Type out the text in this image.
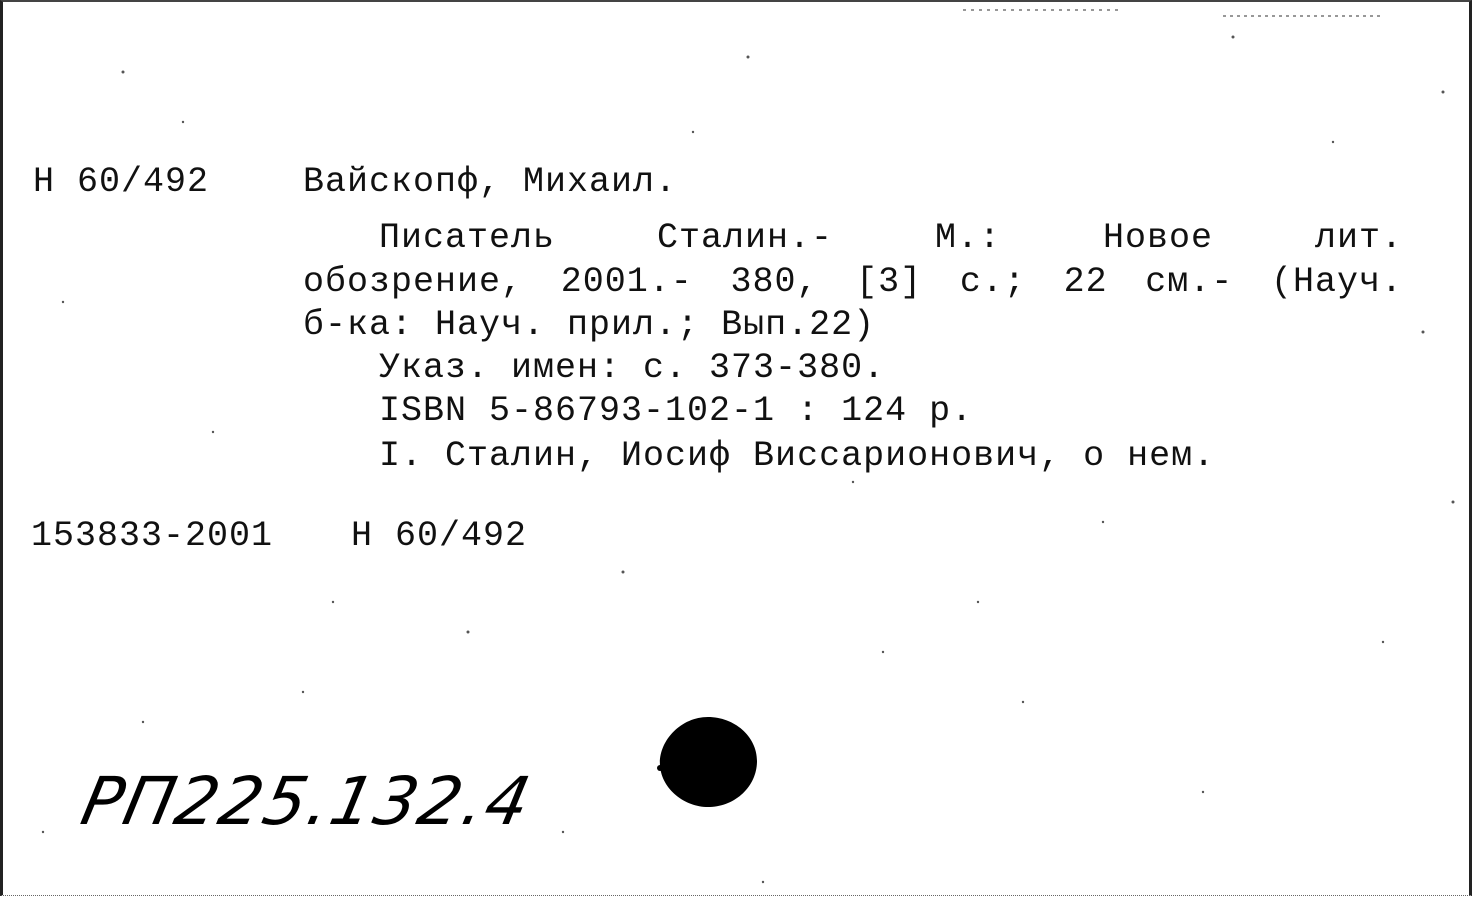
Н 60/492	Вайскопф, Михаил.
Писатель	Сталин.-	М.:	Новое	лит.
обозрение, 2001.- 380, [3] с.; 22 см.- (Науч.
б-ка: Науч. прил.; Вып.22)
Указ. имен: с. 373-380.
ISBN 5-86793-102-1 : 124 р.
I. Сталин, Иосиф Виссарионович, о нем.
153833-2001 Н 60/492
РП225.132.4
